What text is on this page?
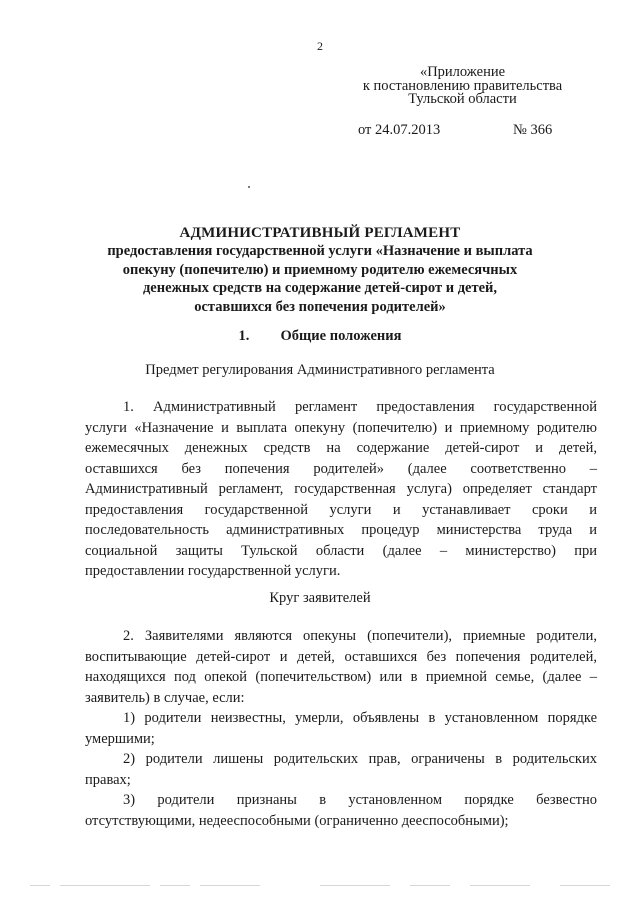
2
«Приложение
к постановлению правительства
Тульской области
от 24.07.2013	№ 366
АДМИНИСТРАТИВНЫЙ РЕГЛАМЕНТ
предоставления государственной услуги «Назначение и выплата
опекуну (попечителю) и приемному родителю ежемесячных
денежных средств на содержание детей-сирот и детей,
оставшихся без попечения родителей»
1. Общие положения
Предмет регулирования Административного регламента
1. Административный регламент предоставления государственной
услуги «Назначение и выплата опекуну (попечителю) и приемному родителю
ежемесячных денежных средств на содержание детей-сирот и детей,
оставшихся без попечения родителей» (далее соответственно –
Административный регламент, государственная услуга) определяет стандарт
предоставления государственной услуги и устанавливает сроки и
последовательность административных процедур министерства труда и
социальной защиты Тульской области (далее – министерство) при
предоставлении государственной услуги.
Круг заявителей
2. Заявителями являются опекуны (попечители), приемные родители,
воспитывающие детей-сирот и детей, оставшихся без попечения родителей,
находящихся под опекой (попечительством) или в приемной семье, (далее –
заявитель) в случае, если:
1) родители неизвестны, умерли, объявлены в установленном порядке
умершими;
2) родители лишены родительских прав, ограничены в родительских
правах;
3) родители признаны в установленном порядке безвестно
отсутствующими, недееспособными (ограниченно дееспособными);
